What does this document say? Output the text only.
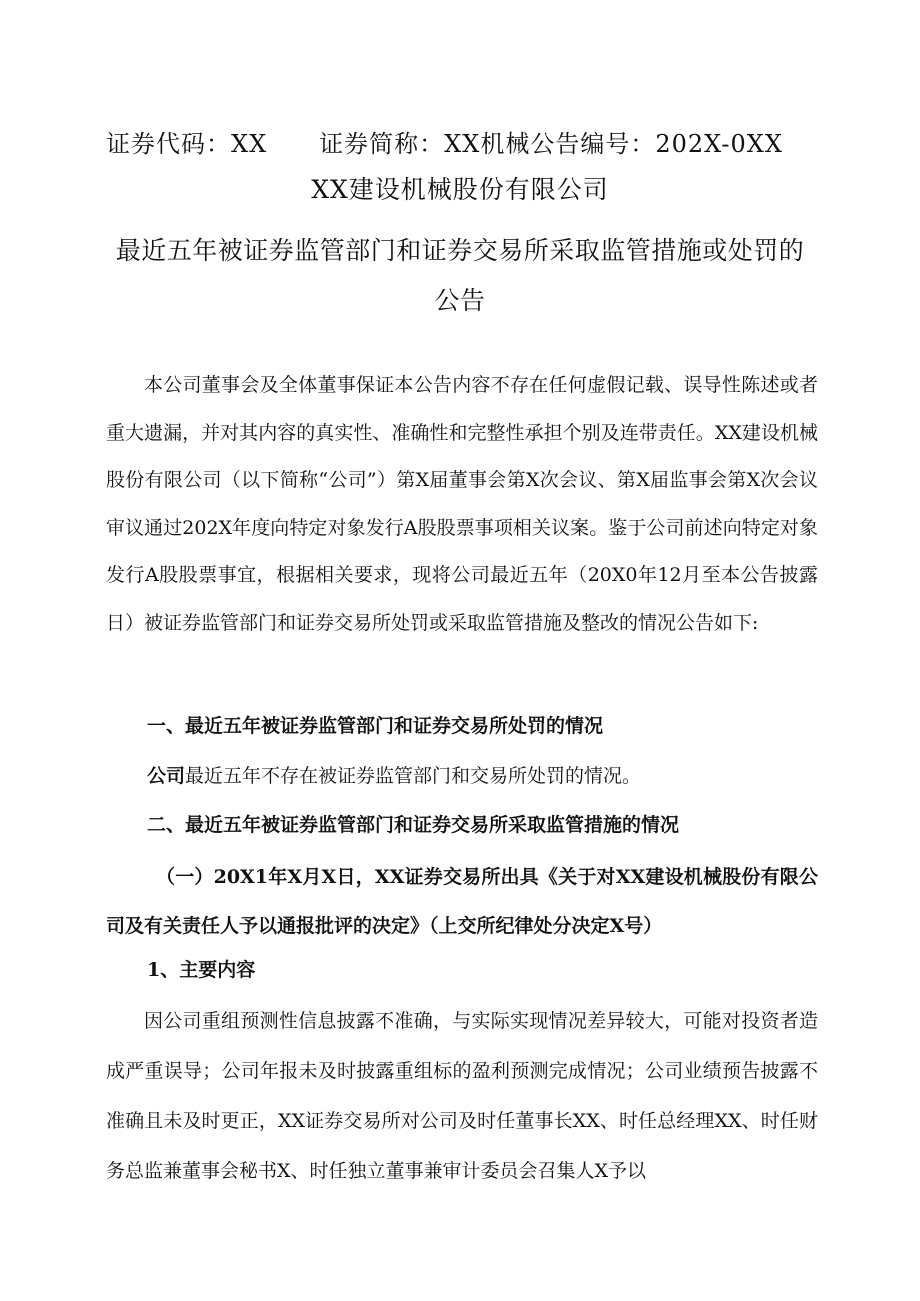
证券代码：XX 证券简称：XX机械公告编号：202X-0XX
XX建设机械股份有限公司
最近五年被证券监管部门和证券交易所采取监管措施或处罚的公告
本公司董事会及全体董事保证本公告内容不存在任何虚假记载、误导性陈述或者重大遗漏，并对其内容的真实性、准确性和完整性承担个别及连带责任。XX建设机械股份有限公司（以下简称“公司”）第X届董事会第X次会议、第X届监事会第X次会议审议通过202X年度向特定对象发行A股股票事项相关议案。鉴于公司前述向特定对象发行A股股票事宜，根据相关要求，现将公司最近五年（20X0年12月至本公告披露日）被证券监管部门和证券交易所处罚或采取监管措施及整改的情况公告如下:
一、最近五年被证券监管部门和证券交易所处罚的情况
公司最近五年不存在被证券监管部门和交易所处罚的情况。
二、最近五年被证券监管部门和证券交易所采取监管措施的情况
（一）20X1年X月X日，XX证券交易所出具《关于对XX建设机械股份有限公司及有关责任人予以通报批评的决定》（上交所纪律处分决定X号）
1、主要内容
因公司重组预测性信息披露不准确，与实际实现情况差异较大，可能对投资者造成严重误导；公司年报未及时披露重组标的盈利预测完成情况；公司业绩预告披露不准确且未及时更正，XX证券交易所对公司及时任董事长XX、时任总经理XX、时任财务总监兼董事会秘书X、时任独立董事兼审计委员会召集人X予以
